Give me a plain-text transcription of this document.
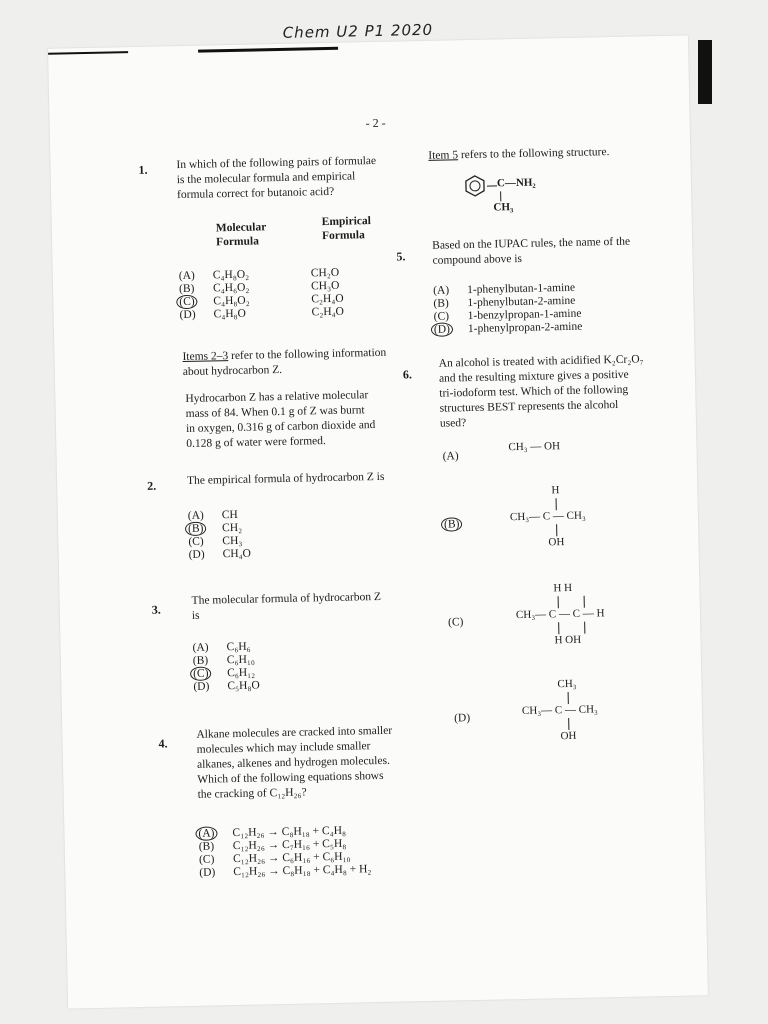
Chem U2 P1 2020
- 2 -
1. In which of the following pairs of formulae
is the molecular formula and empirical
formula correct for butanoic acid?
Molecular
Formula
Empirical
Formula
(A) C₄H₈O₂	CH₂O
(B) C₄H₆O₂	CH₃O
(C) C₄H₈O₂	C₂H₄O
(D) C₄H₈O	C₂H₄O
Items 2–3 refer to the following information
about hydrocarbon Z.
Hydrocarbon Z has a relative molecular
mass of 84. When 0.1 g of Z was burnt
in oxygen, 0.316 g of carbon dioxide and
0.128 g of water were formed.
2.	The empirical formula of hydrocarbon Z is
(A) CH
(B) CH₂
(C) CH₃
(D) CH₄O
3.
The molecular formula of hydrocarbon Z
is
(A) C₆H₆
(B) C₆H₁₀
(C) C₆H₁₂
(D) C₅H₈O
4.
Alkane molecules are cracked into smaller
molecules which may include smaller
alkanes, alkenes and hydrogen molecules.
Which of the following equations shows
the cracking of C₁₂H₂₆?
(A) C₁₂H₂₆ → C₈H₁₈ + C₄H₈
(B) C₁₂H₂₆ → C₇H₁₆ + C₅H₈
(C) C₁₂H₂₆ → C₆H₁₆ + C₆H₁₀
(D) C₁₂H₂₆ → C₈H₁₈ + C₄H₈ + H₂
Item 5 refers to the following structure.
C—NH₂
CH₃
5.
Based on the IUPAC rules, the name of the
compound above is
(A) 1-phenylbutan-1-amine
(B) 1-phenylbutan-2-amine
(C) 1-benzylpropan-1-amine
(D) 1-phenylpropan-2-amine
6.
An alcohol is treated with acidified K₂Cr₂O₇
and the resulting mixture gives a positive
tri-iodoform test. Which of the following
structures BEST represents the alcohol
used?
(A)
CH₃ — OH
(B)
H
CH₃— C — CH₃
OH
(C)
H H
CH₃— C — C — H
H OH
(D)
CH₃
CH₃— C — CH₃
OH
